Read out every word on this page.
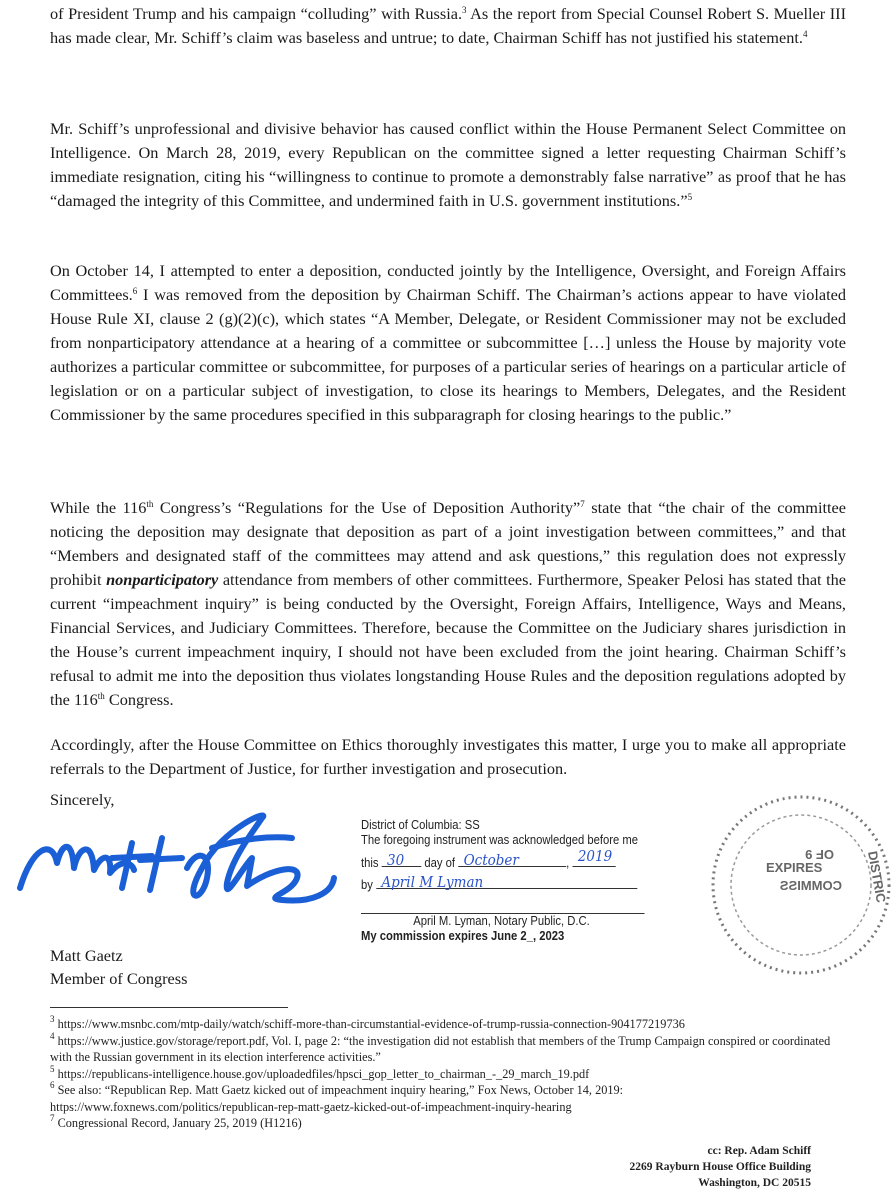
of President Trump and his campaign “colluding” with Russia.$^3$ As the report from Special Counsel Robert S. Mueller III has made clear, Mr. Schiff’s claim was baseless and untrue; to date, Chairman Schiff has not justified his statement.$^4$
Mr. Schiff’s unprofessional and divisive behavior has caused conflict within the House Permanent Select Committee on Intelligence. On March 28, 2019, every Republican on the committee signed a letter requesting Chairman Schiff’s immediate resignation, citing his “willingness to continue to promote a demonstrably false narrative” as proof that he has “damaged the integrity of this Committee, and undermined faith in U.S. government institutions.”$^5$
On October 14, I attempted to enter a deposition, conducted jointly by the Intelligence, Oversight, and Foreign Affairs Committees.$^6$ I was removed from the deposition by Chairman Schiff. The Chairman’s actions appear to have violated House Rule XI, clause 2 (g)(2)(c), which states “A Member, Delegate, or Resident Commissioner may not be excluded from nonparticipatory attendance at a hearing of a committee or subcommittee […] unless the House by majority vote authorizes a particular committee or subcommittee, for purposes of a particular series of hearings on a particular article of legislation or on a particular subject of investigation, to close its hearings to Members, Delegates, and the Resident Commissioner by the same procedures specified in this subparagraph for closing hearings to the public.”
While the 116th Congress’s “Regulations for the Use of Deposition Authority”$^7$ state that “the chair of the committee noticing the deposition may designate that deposition as part of a joint investigation between committees,” and that “Members and designated staff of the committees may attend and ask questions,” this regulation does not expressly prohibit nonparticipatory attendance from members of other committees. Furthermore, Speaker Pelosi has stated that the current “impeachment inquiry” is being conducted by the Oversight, Foreign Affairs, Intelligence, Ways and Means, Financial Services, and Judiciary Committees. Therefore, because the Committee on the Judiciary shares jurisdiction in the House’s current impeachment inquiry, I should not have been excluded from the joint hearing. Chairman Schiff’s refusal to admit me into the deposition thus violates longstanding House Rules and the deposition regulations adopted by the 116th Congress.
Accordingly, after the House Committee on Ethics thoroughly investigates this matter, I urge you to make all appropriate referrals to the Department of Justice, for further investigation and prosecution.
Sincerely,
Matt Gaetz
Member of Congress
District of Columbia: SS
The foregoing instrument was acknowledged before me
this 30 day of October	, 2019
by April M Lyman
April M. Lyman, Notary Public, D.C.
My commission expires June 2_, 2023
OF 9
EXPIRES
COMMISS DISTRIC
$^3$ https://www.msnbc.com/mtp-daily/watch/schiff-more-than-circumstantial-evidence-of-trump-russia-connection-904177219736
$^4$ https://www.justice.gov/storage/report.pdf, Vol. I, page 2: “the investigation did not establish that members of the Trump Campaign conspired or coordinated with the Russian government in its election interference activities.”
$^5$ https://republicans-intelligence.house.gov/uploadedfiles/hpsci_gop_letter_to_chairman_-_29_march_19.pdf
$^6$ See also: “Republican Rep. Matt Gaetz kicked out of impeachment inquiry hearing,” Fox News, October 14, 2019: https://www.foxnews.com/politics/republican-rep-matt-gaetz-kicked-out-of-impeachment-inquiry-hearing
$^7$ Congressional Record, January 25, 2019 (H1216)
cc: Rep. Adam Schiff
2269 Rayburn House Office Building
Washington, DC 20515
